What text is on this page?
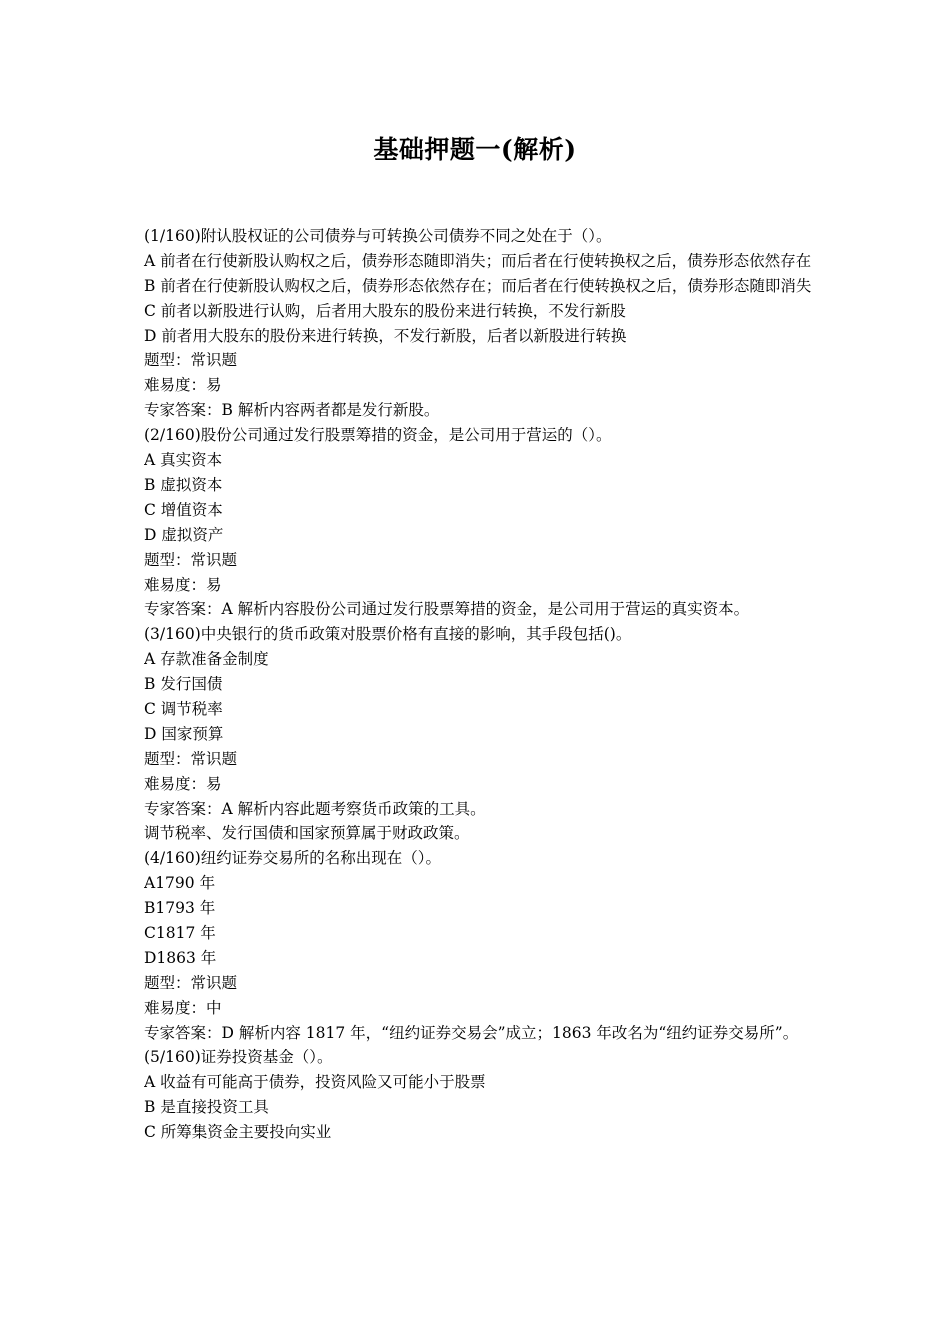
基础押题一(解析)
(1/160)附认股权证的公司债券与可转换公司债券不同之处在于（）。
A 前者在行使新股认购权之后，债券形态随即消失；而后者在行使转换权之后，债券形态依然存在
B 前者在行使新股认购权之后，债券形态依然存在；而后者在行使转换权之后，债券形态随即消失
C 前者以新股进行认购，后者用大股东的股份来进行转换，不发行新股
D 前者用大股东的股份来进行转换，不发行新股，后者以新股进行转换
题型：常识题
难易度：易
专家答案：B 解析内容两者都是发行新股。
(2/160)股份公司通过发行股票筹措的资金，是公司用于营运的（）。
A 真实资本
B 虚拟资本
C 增值资本
D 虚拟资产
题型：常识题
难易度：易
专家答案：A 解析内容股份公司通过发行股票筹措的资金，是公司用于营运的真实资本。
(3/160)中央银行的货币政策对股票价格有直接的影响，其手段包括()。
A 存款准备金制度
B 发行国债
C 调节税率
D 国家预算
题型：常识题
难易度：易
专家答案：A 解析内容此题考察货币政策的工具。
调节税率、发行国债和国家预算属于财政政策。
(4/160)纽约证券交易所的名称出现在（）。
A1790 年
B1793 年
C1817 年
D1863 年
题型：常识题
难易度：中
专家答案：D 解析内容 1817 年，“纽约证券交易会”成立；1863 年改名为“纽约证券交易所”。
(5/160)证券投资基金（）。
A 收益有可能高于债券，投资风险又可能小于股票
B 是直接投资工具
C 所筹集资金主要投向实业
